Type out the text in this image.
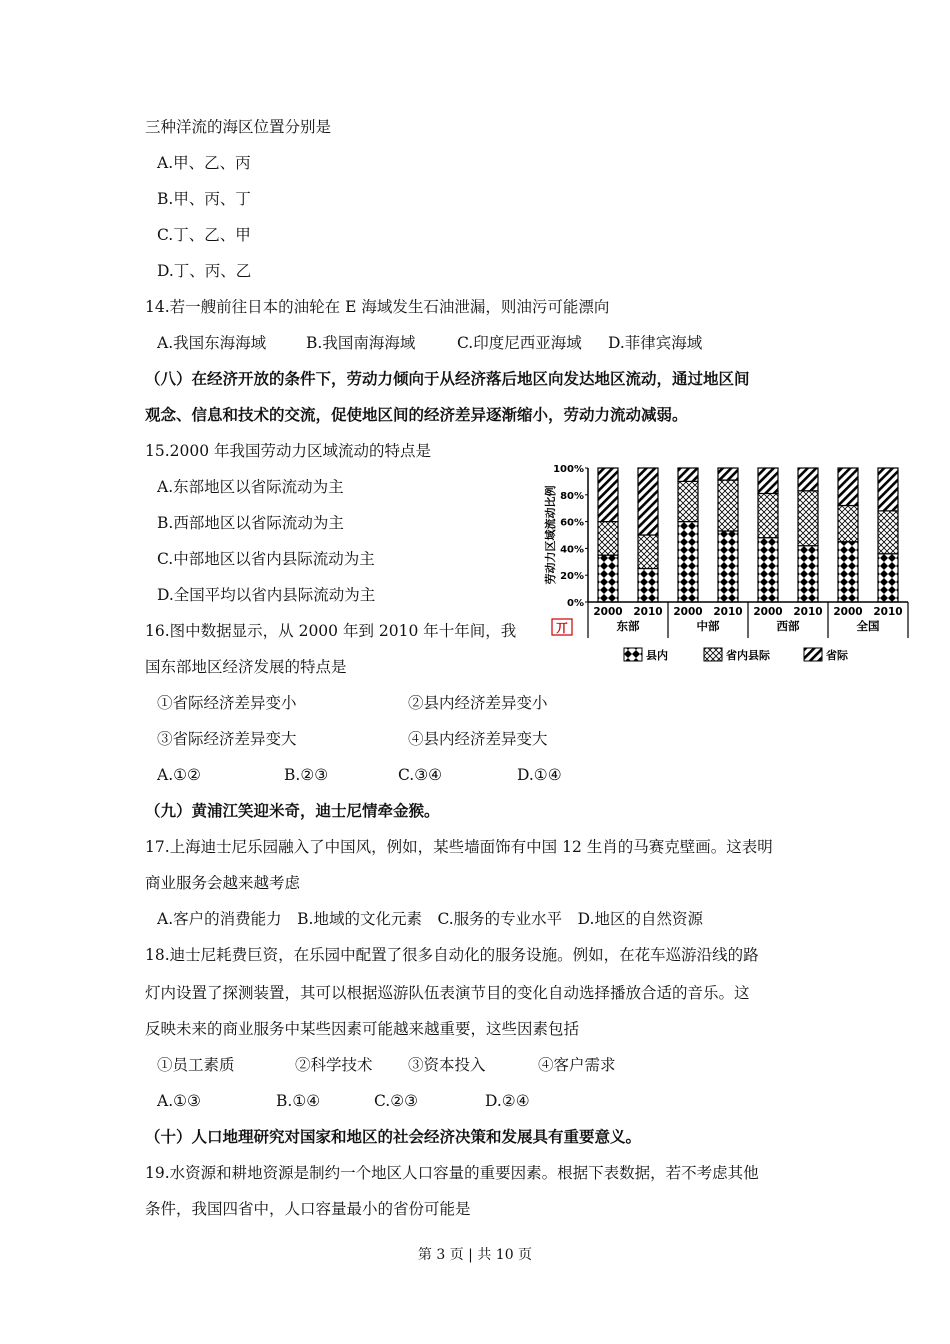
三种洋流的海区位置分别是
A.甲、乙、丙
B.甲、丙、丁
C.丁、乙、甲
D.丁、丙、乙
14.若一艘前往日本的油轮在 E 海域发生石油泄漏，则油污可能漂向
A.我国东海海域	B.我国南海海域	C.印度尼西亚海域 D.菲律宾海域
（八）在经济开放的条件下，劳动力倾向于从经济落后地区向发达地区流动，通过地区间
观念、信息和技术的交流，促使地区间的经济差异逐渐缩小，劳动力流动减弱。
15.2000 年我国劳动力区域流动的特点是
A.东部地区以省际流动为主
B.西部地区以省际流动为主
C.中部地区以省内县际流动为主
D.全国平均以省内县际流动为主
16.图中数据显示，从 2000 年到 2010 年十年间，我
国东部地区经济发展的特点是
①省际经济差异变小	②县内经济差异变小
③省际经济差异变大	④县内经济差异变大
A.①②	B.②③	C.③④	D.①④
（九）黄浦江笑迎米奇，迪士尼情牵金猴。
17.上海迪士尼乐园融入了中国风，例如，某些墙面饰有中国 12 生肖的马赛克壁画。这表明
商业服务会越来越考虑
A.客户的消费能力　B.地域的文化元素　C.服务的专业水平　D.地区的自然资源
18.迪士尼耗费巨资，在乐园中配置了很多自动化的服务设施。例如，在花车巡游沿线的路
灯内设置了探测装置，其可以根据巡游队伍表演节目的变化自动选择播放合适的音乐。这
反映未来的商业服务中某些因素可能越来越重要，这些因素包括
①员工素质	②科学技术 ③资本投入	④客户需求
A.①③	B.①④	C.②③	D.②④
（十）人口地理研究对国家和地区的社会经济决策和发展具有重要意义。
19.水资源和耕地资源是制约一个地区人口容量的重要因素。根据下表数据，若不考虑其他
条件，我国四省中，人口容量最小的省份可能是
第 3 页 | 共 10 页
0%
20%
40%
60%
80%
100%
劳动力区域流动比例
2000 2010
东部
2000 2010
中部
2000 2010
西部
2000 2010
全国
丌
县内	省内县际	省际
